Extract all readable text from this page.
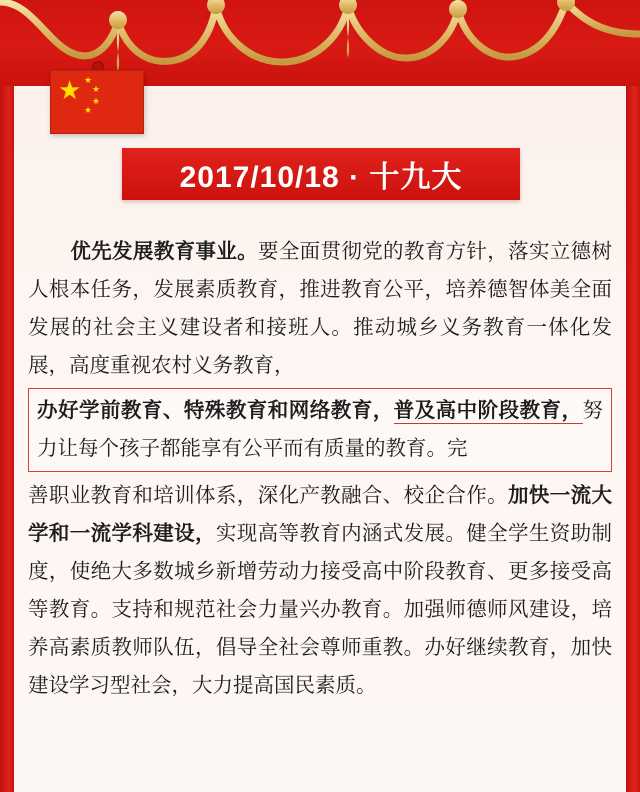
★ ★
★
★
★
2017/10/18 · 十九大

优先发展教育事业。要全面贯彻党的教育方针，落实立德树人根本任务，发展素质教育，推进教育公平，培养德智体美全面发展的社会主义建设者和接班人。推动城乡义务教育一体化发展，高度重视农村义务教育，

办好学前教育、特殊教育和网络教育，普及高中阶段教育，努力让每个孩子都能享有公平而有质量的教育。完

善职业教育和培训体系，深化产教融合、校企合作。加快一流大学和一流学科建设，实现高等教育内涵式发展。健全学生资助制度，使绝大多数城乡新增劳动力接受高中阶段教育、更多接受高等教育。支持和规范社会力量兴办教育。加强师德师风建设，培养高素质教师队伍，倡导全社会尊师重教。办好继续教育，加快建设学习型社会，大力提高国民素质。
